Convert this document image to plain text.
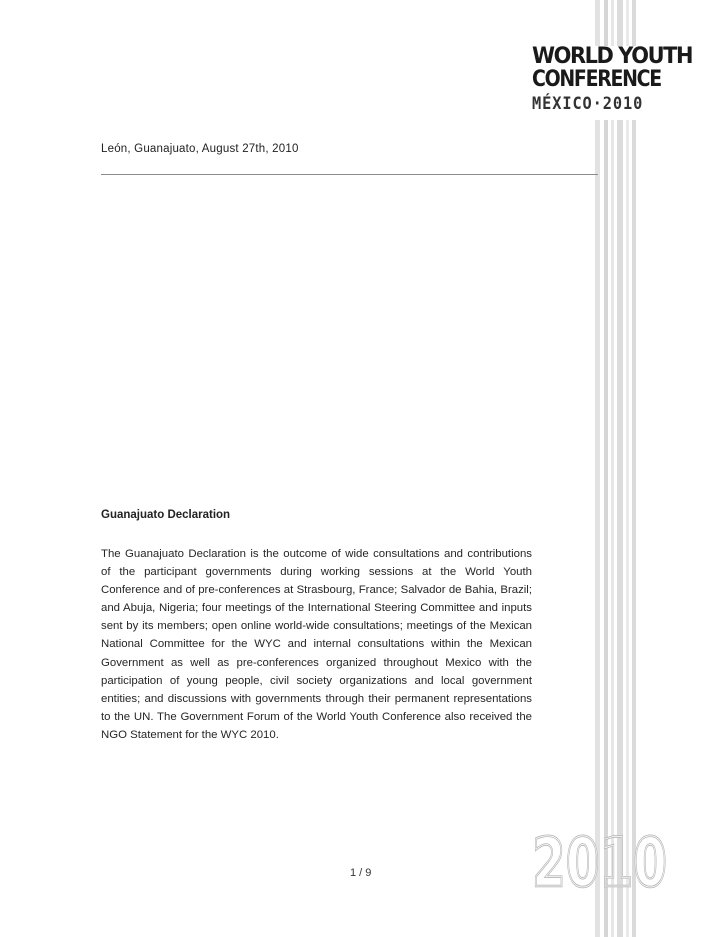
WORLD YOUTH
CONFERENCE
MÉXICO·2010
León, Guanajuato, August 27th, 2010
Guanajuato Declaration

The Guanajuato Declaration is the outcome of wide consultations and contributions of the participant governments during working sessions at the World Youth Conference and of pre-conferences at Strasbourg, France; Salvador de Bahia, Brazil; and Abuja, Nigeria; four meetings of the International Steering Committee and inputs sent by its members; open online world-wide consultations; meetings of the Mexican National Committee for the WYC and internal consultations within the Mexican Government as well as pre-conferences organized throughout Mexico with the participation of young people, civil society organizations and local government entities; and discussions with governments through their permanent representations to the UN. The Government Forum of the World Youth Conference also received the NGO Statement for the WYC 2010.

1 / 9 2010
2010
